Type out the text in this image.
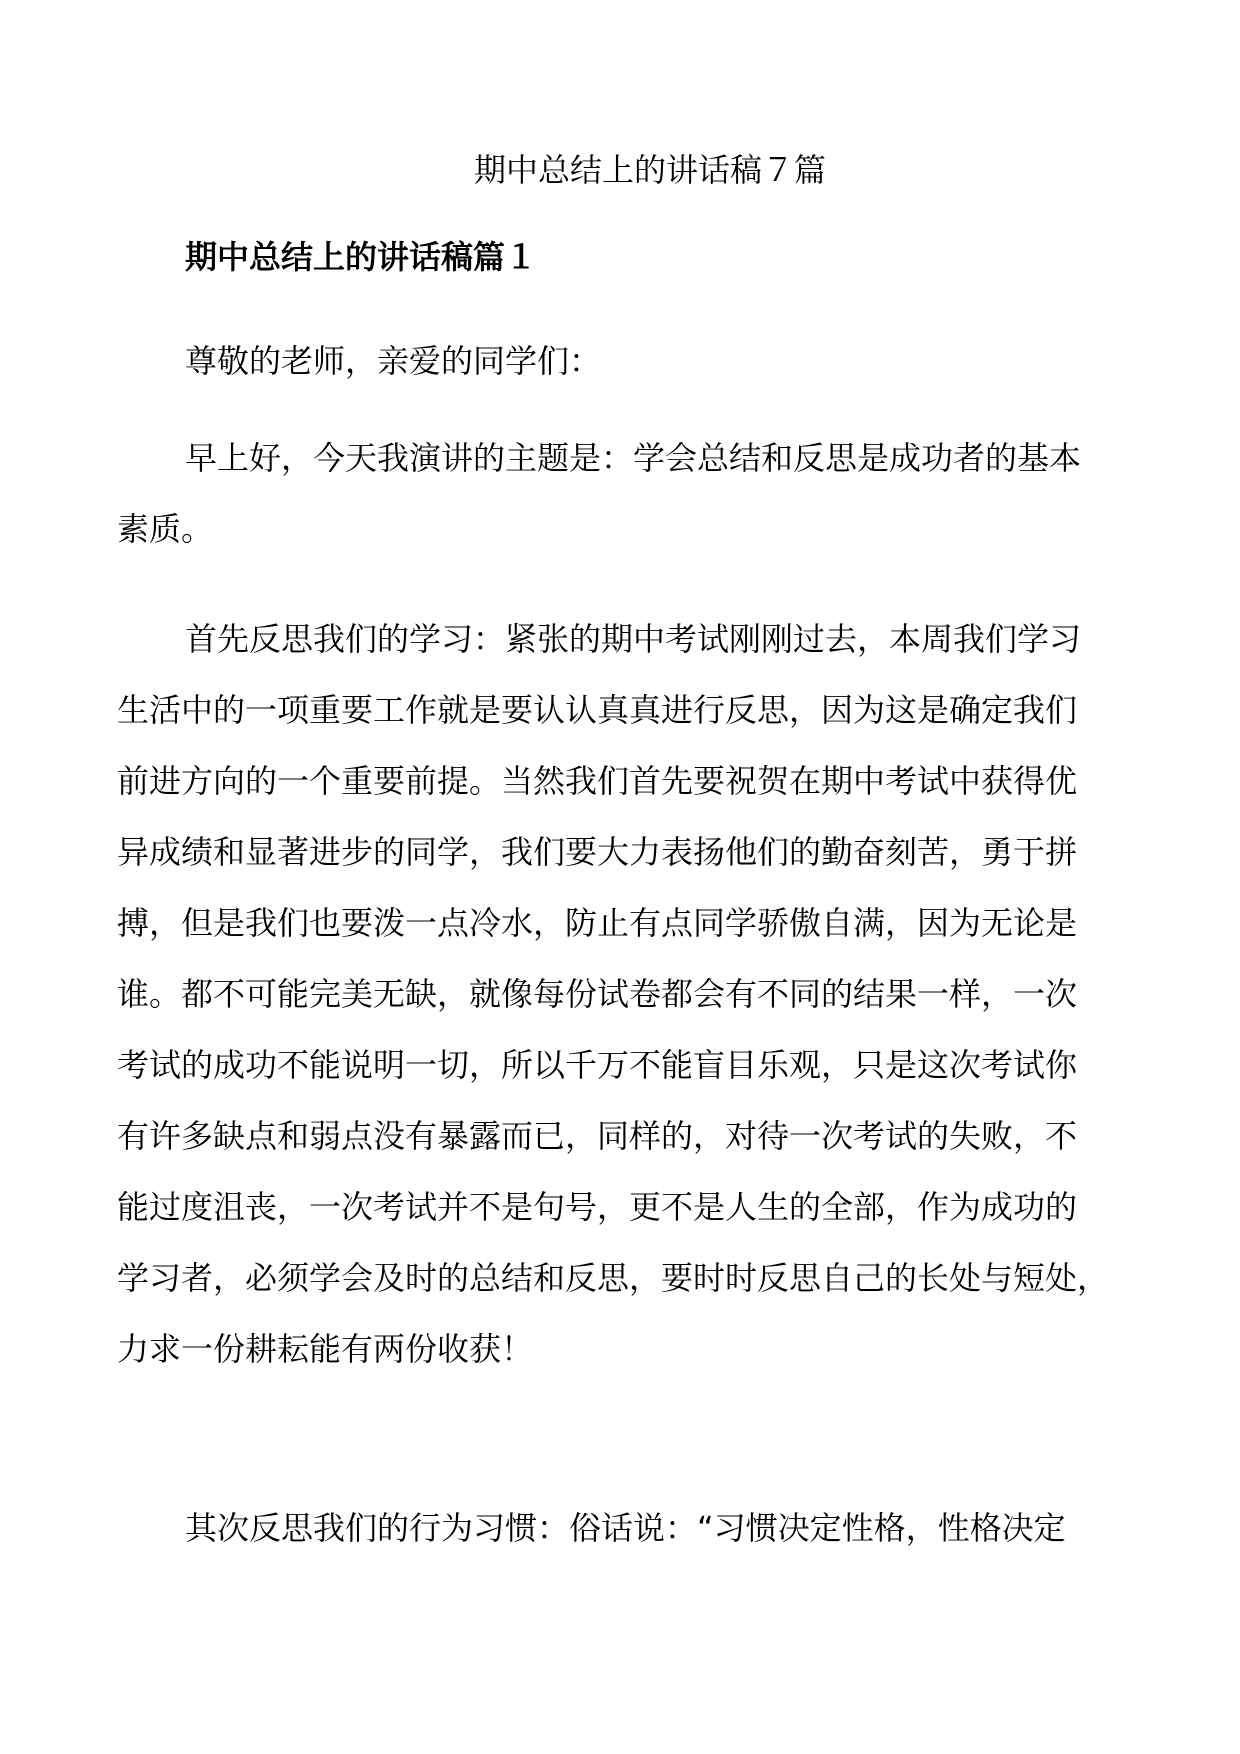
期中总结上的讲话稿７篇
期中总结上的讲话稿篇１
尊敬的老师，亲爱的同学们：
早上好，今天我演讲的主题是：学会总结和反思是成功者的基本
素质。
首先反思我们的学习：紧张的期中考试刚刚过去，本周我们学习
生活中的一项重要工作就是要认认真真进行反思，因为这是确定我们
前进方向的一个重要前提。当然我们首先要祝贺在期中考试中获得优
异成绩和显著进步的同学，我们要大力表扬他们的勤奋刻苦，勇于拼
搏，但是我们也要泼一点冷水，防止有点同学骄傲自满，因为无论是
谁。都不可能完美无缺，就像每份试卷都会有不同的结果一样，一次
考试的成功不能说明一切，所以千万不能盲目乐观，只是这次考试你
有许多缺点和弱点没有暴露而已，同样的，对待一次考试的失败，不
能过度沮丧，一次考试并不是句号，更不是人生的全部，作为成功的
学习者，必须学会及时的总结和反思，要时时反思自己的长处与短处，
力求一份耕耘能有两份收获！
其次反思我们的行为习惯：俗话说：“习惯决定性格，性格决定
